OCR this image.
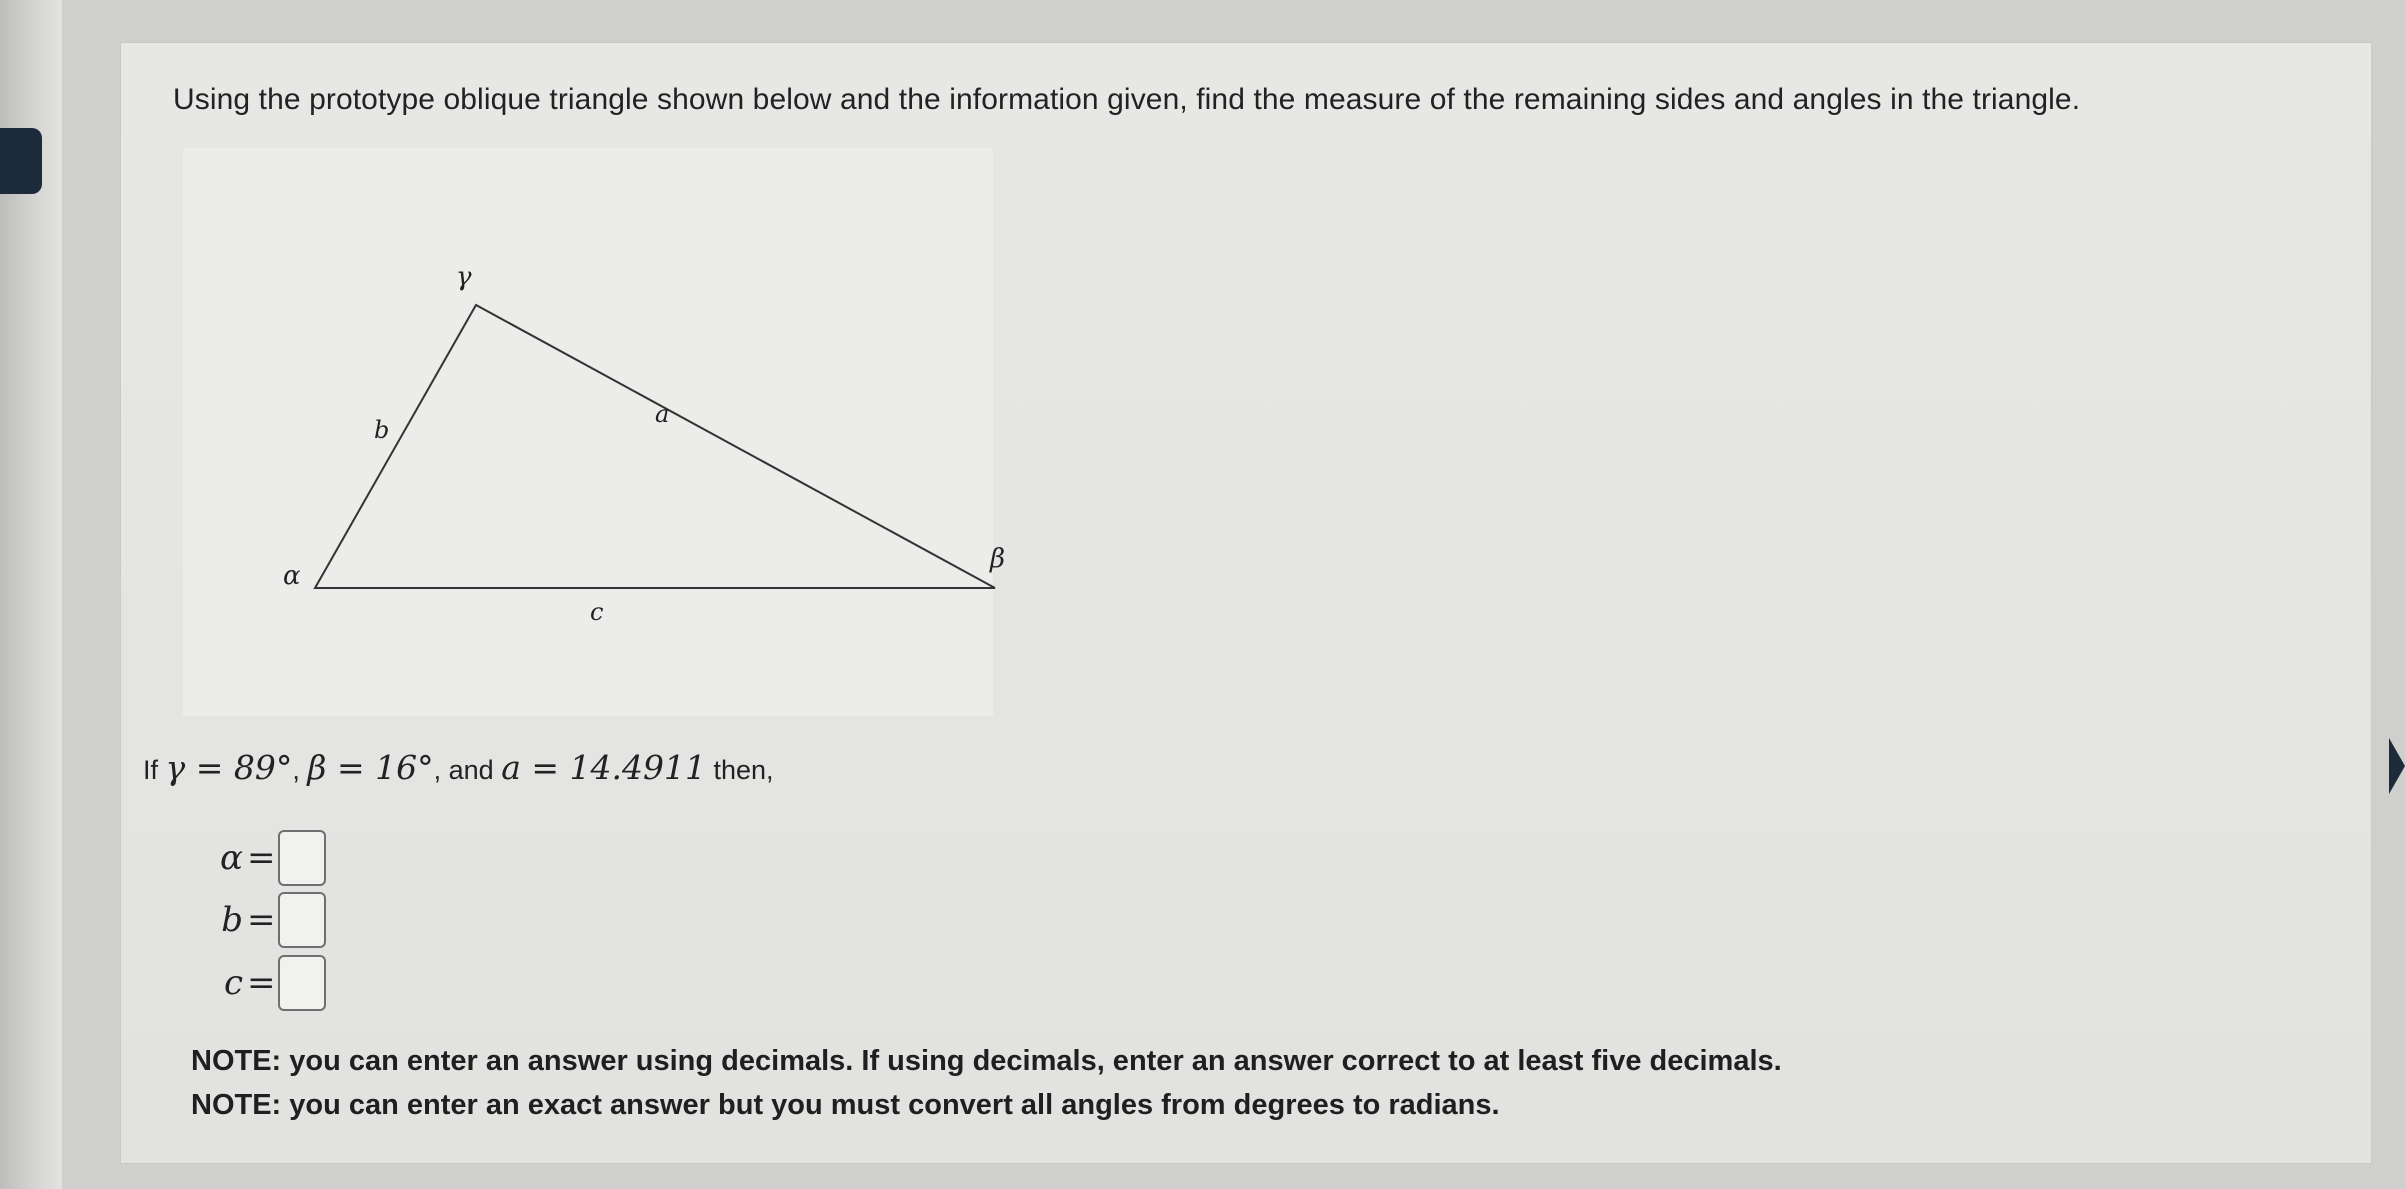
Using the prototype oblique triangle shown below and the information given, find the measure of the remaining sides and angles in the triangle.
γ
α
β
a
b
c
If γ = 89°, β = 16°, and a = 14.4911 then,
α =
b =
c =
NOTE: you can enter an answer using decimals. If using decimals, enter an answer correct to at least five decimals.
NOTE: you can enter an exact answer but you must convert all angles from degrees to radians.
